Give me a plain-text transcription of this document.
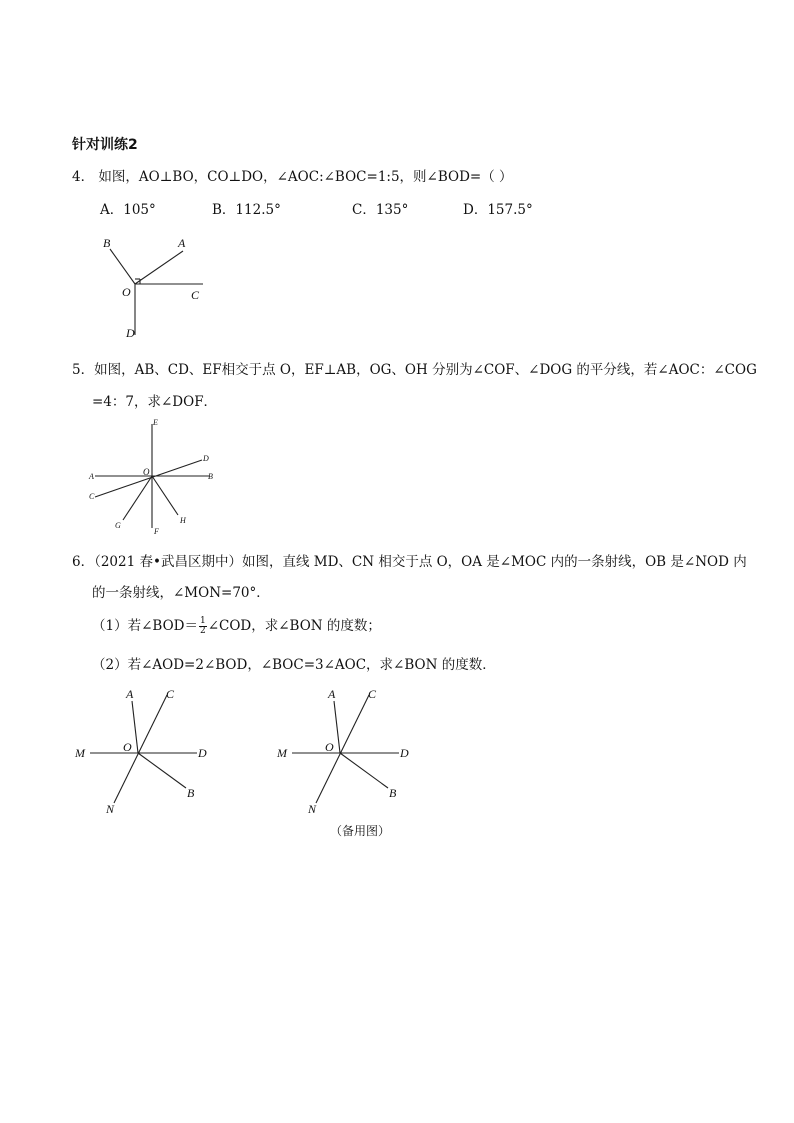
针对训练2
4． 如图，AO⊥BO，CO⊥DO，∠AOC:∠BOC=1:5，则∠BOD=（ ）
A．105°	B．112.5°	C．135°	D．157.5°
B	A
O	C
D
5．如图，AB、CD、EF相交于点 O，EF⊥AB，OG、OH 分别为∠COF、∠DOG 的平分线，若∠AOC：∠COG
=4：7，求∠DOF．
E
D
A	O	B
C
G
H
F
6．（2021 春•武昌区期中）如图，直线 MD、CN 相交于点 O，OA 是∠MOC 内的一条射线，OB 是∠NOD 内
的一条射线，∠MON=70°．
（1）若∠BOD＝ $\frac{1}{2}$ ∠COD，求∠BON 的度数；
（2）若∠AOD=2∠BOD，∠BOC=3∠AOC，求∠BON 的度数．
A	C
M	O	D
N
B
A	C
M	O	D
N
B
（备用图）
